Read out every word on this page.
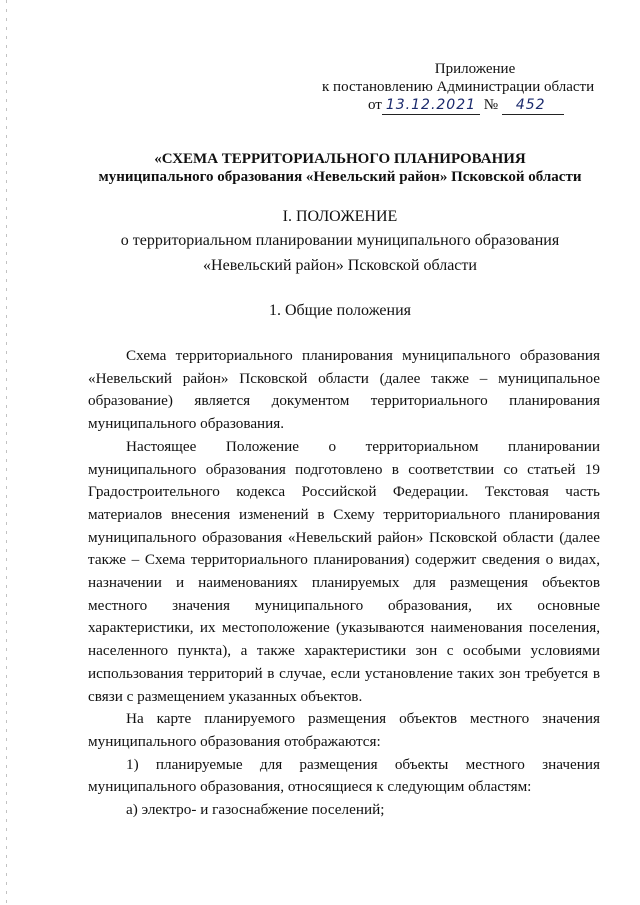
Приложение
к постановлению Администрации области
от 13.12.2021 № 452
«СХЕМА ТЕРРИТОРИАЛЬНОГО ПЛАНИРОВАНИЯ
муниципального образования «Невельский район» Псковской области
I. ПОЛОЖЕНИЕ
о территориальном планировании муниципального образования
«Невельский район» Псковской области
1. Общие положения

Схема территориального планирования муниципального образования «Невельский район» Псковской области (далее также – муниципальное образование) является документом территориального планирования муниципального образования.

Настоящее Положение о территориальном планировании муниципального образования подготовлено в соответствии со статьей 19 Градостроительного кодекса Российской Федерации. Текстовая часть материалов внесения изменений в Схему территориального планирования муниципального образования «Невельский район» Псковской области (далее также – Схема территориального планирования) содержит сведения о видах, назначении и наименованиях планируемых для размещения объектов местного значения муниципального образования, их основные характеристики, их местоположение (указываются наименования поселения, населенного пункта), а также характеристики зон с особыми условиями использования территорий в случае, если установление таких зон требуется в связи с размещением указанных объектов.

На карте планируемого размещения объектов местного значения муниципального образования отображаются:

1) планируемые для размещения объекты местного значения муниципального образования, относящиеся к следующим областям:

а) электро- и газоснабжение поселений;
